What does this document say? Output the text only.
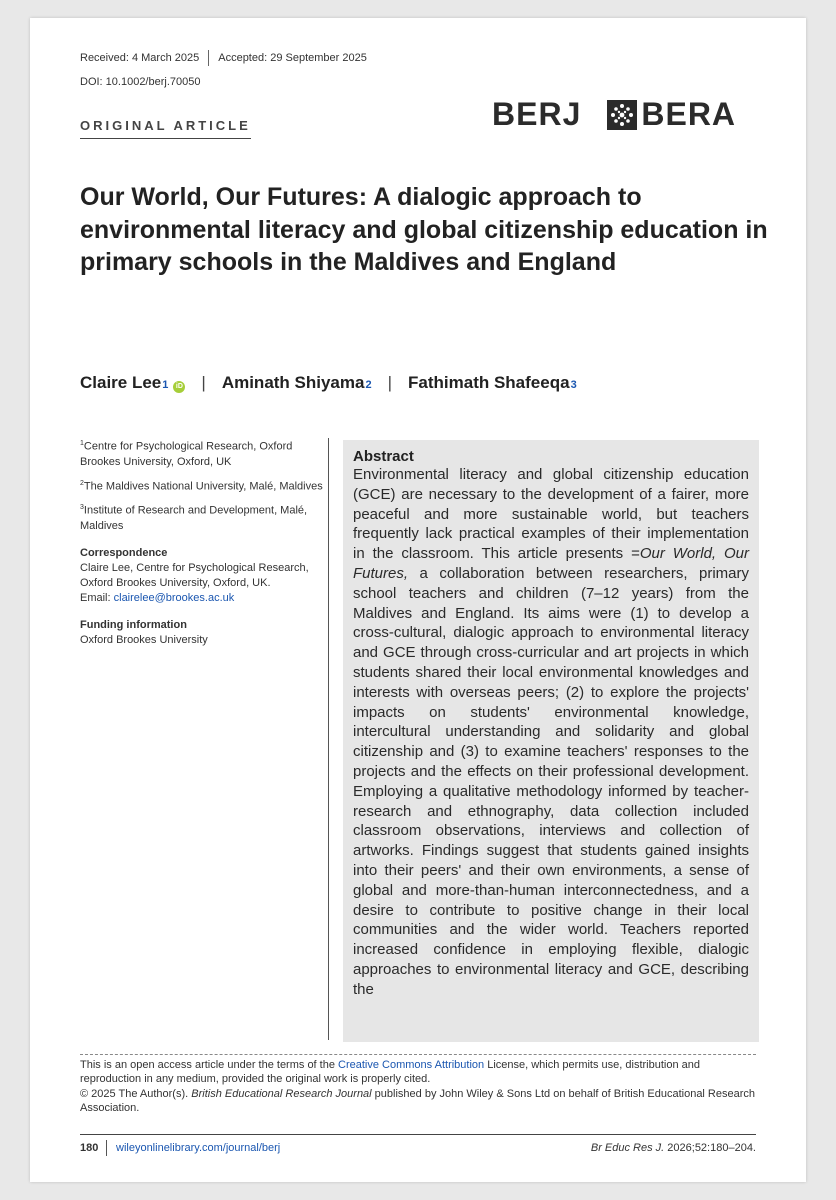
Received: 4 March 2025 Accepted: 29 September 2025
DOI: 10.1002/berj.70050
ORIGINAL ARTICLE	BERJ BERA
Our World, Our Futures: A dialogic approach to environmental literacy and global citizenship education in primary schools in the Maldives and England
Claire Lee 1	iD | Aminath Shiyama 2 | Fathimath Shafeeqa 3

$^1$Centre for Psychological Research, Oxford Brookes University, Oxford, UK

$^2$The Maldives National University, Malé, Maldives

$^3$Institute of Research and Development, Malé, Maldives

Correspondence

Claire Lee, Centre for Psychological Research, Oxford Brookes University, Oxford, UK.
Email: clairelee@brookes.ac.uk

Funding information

Oxford Brookes University

Abstract

Environmental literacy and global citizenship education (GCE) are necessary to the development of a fairer, more peaceful and more sustainable world, but teachers frequently lack practical examples of their implementation in the classroom. This article presents =Our World, Our Futures, a collaboration between researchers, primary school teachers and children (7–12 years) from the Maldives and England. Its aims were (1) to develop a cross-cultural, dialogic approach to environmental literacy and GCE through cross-curricular and art projects in which students shared their local environmental knowledges and interests with overseas peers; (2) to explore the projects' impacts on students' environmental knowledge, intercultural understanding and solidarity and global citizenship and (3) to examine teachers' responses to the projects and the effects on their professional development. Employing a qualitative methodology informed by teacher-research and ethnography, data collection included classroom observations, interviews and collection of artworks. Findings suggest that students gained insights into their peers' and their own environments, a sense of global and more-than-human interconnectedness, and a desire to contribute to positive change in their local communities and the wider world. Teachers reported increased confidence in employing flexible, dialogic approaches to environmental literacy and GCE, describing the

This is an open access article under the terms of the Creative Commons Attribution License, which permits use, distribution and reproduction in any medium, provided the original work is properly cited.

© 2025 The Author(s). British Educational Research Journal published by John Wiley & Sons Ltd on behalf of British Educational Research Association.

180 wileyonlinelibrary.com/journal/berj	Br Educ Res J. 2026;52:180–204.
